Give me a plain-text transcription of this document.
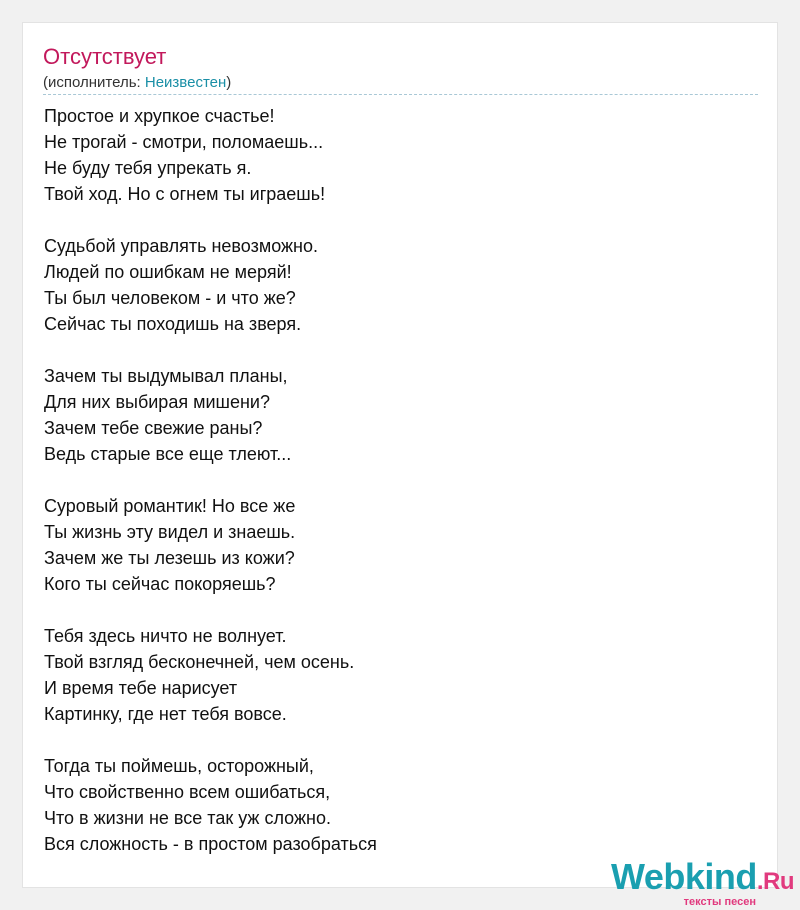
Отсутствует
(исполнитель: Неизвестен)
Простое и хрупкое счастье!
Не трогай - смотри, поломаешь...
Не буду тебя упрекать я.
Твой ход. Но с огнем ты играешь!
Судьбой управлять невозможно.
Людей по ошибкам не меряй!
Ты был человеком - и что же?
Сейчас ты походишь на зверя.
Зачем ты выдумывал планы,
Для них выбирая мишени?
Зачем тебе свежие раны?
Ведь старые все еще тлеют...
Суровый романтик! Но все же
Ты жизнь эту видел и знаешь.
Зачем же ты лезешь из кожи?
Кого ты сейчас покоряешь?
Тебя здесь ничто не волнует.
Твой взгляд бесконечней, чем осень.
И время тебе нарисует
Картинку, где нет тебя вовсе.
Тогда ты поймешь, осторожный,
Что свойственно всем ошибаться,
Что в жизни не все так уж сложно.
Вся сложность - в простом разобраться
Webkind.Ru
тексты песен
